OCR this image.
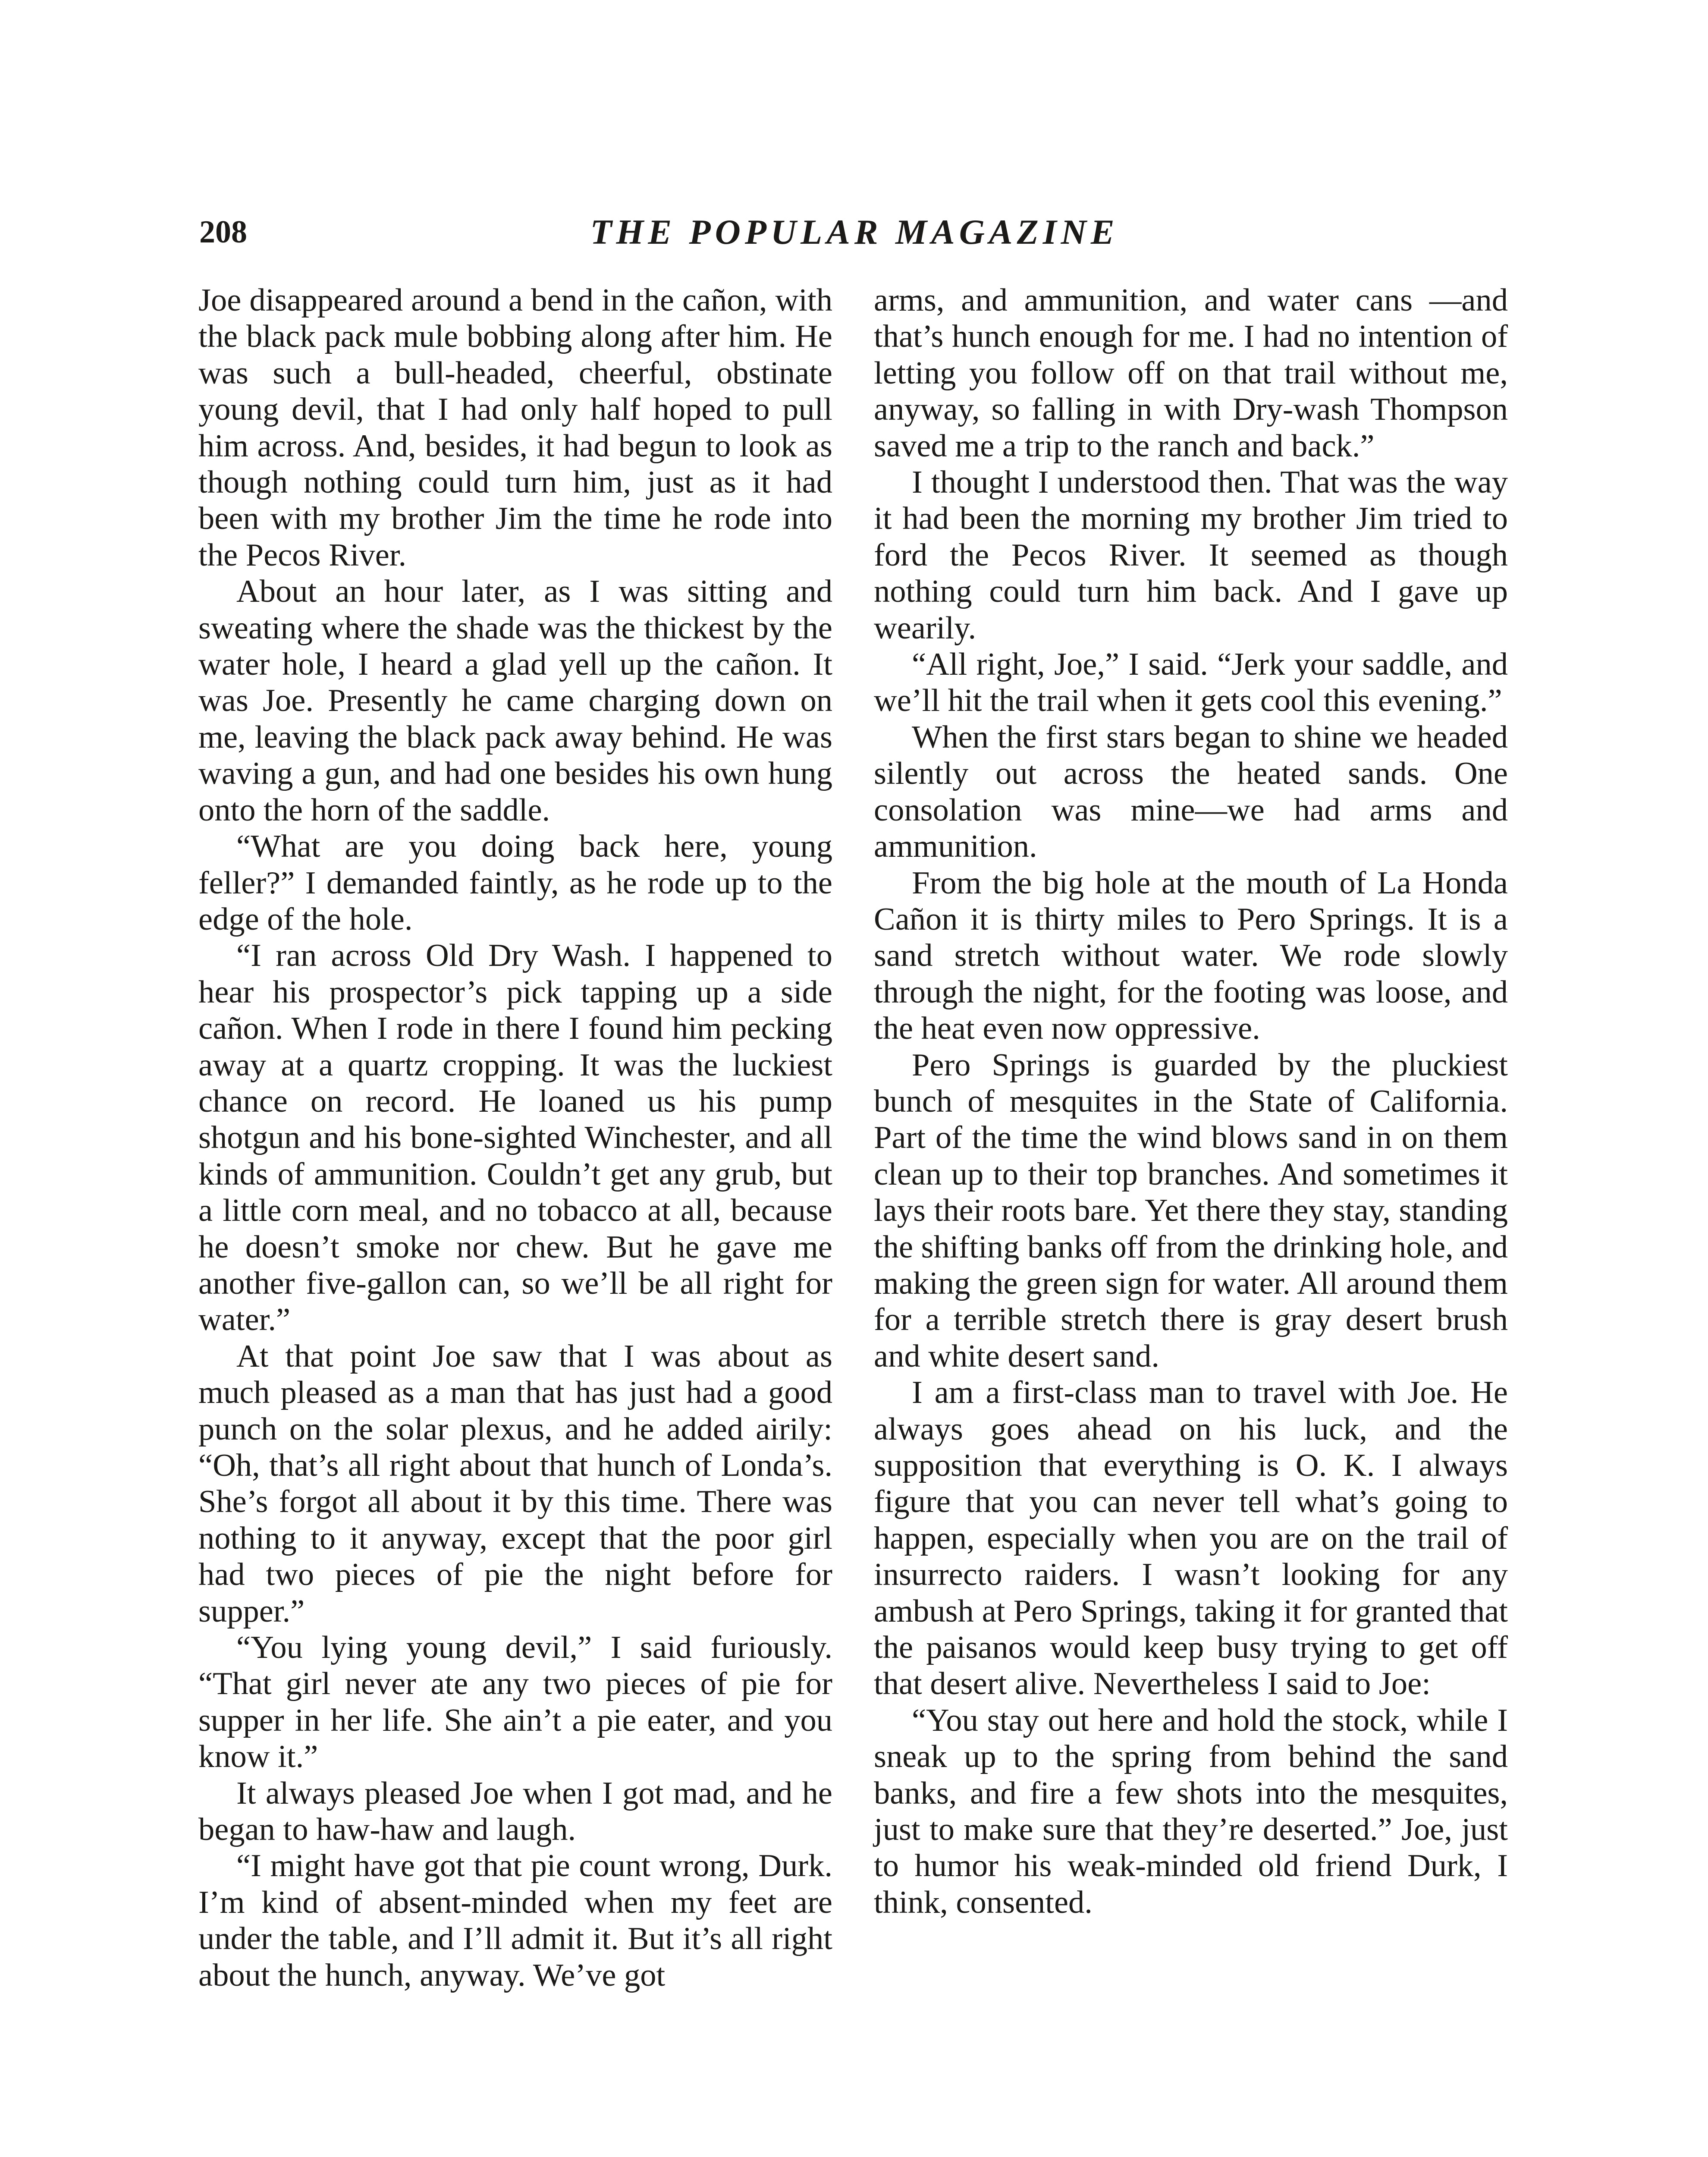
208	THE POPULAR MAGAZINE

Joe disappeared around a bend in the cañon, with the black pack mule bobbing along after him. He was such a bull-headed, cheerful, obstinate young devil, that I had only half hoped to pull him across. And, besides, it had begun to look as though nothing could turn him, just as it had been with my brother Jim the time he rode into the Pecos River.

About an hour later, as I was sitting and sweating where the shade was the thickest by the water hole, I heard a glad yell up the cañon. It was Joe. Presently he came charging down on me, leaving the black pack away behind. He was waving a gun, and had one besides his own hung onto the horn of the saddle.

“What are you doing back here, young feller?” I demanded faintly, as he rode up to the edge of the hole.

“I ran across Old Dry Wash. I happened to hear his prospector’s pick tapping up a side cañon. When I rode in there I found him pecking away at a quartz cropping. It was the luckiest chance on record. He loaned us his pump shotgun and his bone-sighted Winchester, and all kinds of ammunition. Couldn’t get any grub, but a little corn meal, and no tobacco at all, because he doesn’t smoke nor chew. But he gave me another five-gallon can, so we’ll be all right for water.”

At that point Joe saw that I was about as much pleased as a man that has just had a good punch on the solar plexus, and he added airily: “Oh, that’s all right about that hunch of Londa’s. She’s forgot all about it by this time. There was nothing to it anyway, except that the poor girl had two pieces of pie the night before for supper.”

“You lying young devil,” I said furiously. “That girl never ate any two pieces of pie for supper in her life. She ain’t a pie eater, and you know it.”

It always pleased Joe when I got mad, and he began to haw-haw and laugh.

“I might have got that pie count wrong, Durk. I’m kind of absent-minded when my feet are under the table, and I’ll admit it. But it’s all right about the hunch, anyway. We’ve got

arms, and ammunition, and water cans —and that’s hunch enough for me. I had no intention of letting you follow off on that trail without me, anyway, so falling in with Dry-wash Thompson saved me a trip to the ranch and back.”

I thought I understood then. That was the way it had been the morning my brother Jim tried to ford the Pecos River. It seemed as though nothing could turn him back. And I gave up wearily.

“All right, Joe,” I said. “Jerk your saddle, and we’ll hit the trail when it gets cool this evening.”

When the first stars began to shine we headed silently out across the heated sands. One consolation was mine—we had arms and ammunition.

From the big hole at the mouth of La Honda Cañon it is thirty miles to Pero Springs. It is a sand stretch without water. We rode slowly through the night, for the footing was loose, and the heat even now oppressive.

Pero Springs is guarded by the pluckiest bunch of mesquites in the State of California. Part of the time the wind blows sand in on them clean up to their top branches. And sometimes it lays their roots bare. Yet there they stay, standing the shifting banks off from the drinking hole, and making the green sign for water. All around them for a terrible stretch there is gray desert brush and white desert sand.

I am a first-class man to travel with Joe. He always goes ahead on his luck, and the supposition that everything is O. K. I always figure that you can never tell what’s going to happen, especially when you are on the trail of insurrecto raiders. I wasn’t looking for any ambush at Pero Springs, taking it for granted that the paisanos would keep busy trying to get off that desert alive. Nevertheless I said to Joe:

“You stay out here and hold the stock, while I sneak up to the spring from behind the sand banks, and fire a few shots into the mesquites, just to make sure that they’re deserted.” Joe, just to humor his weak-minded old friend Durk, I think, consented.
